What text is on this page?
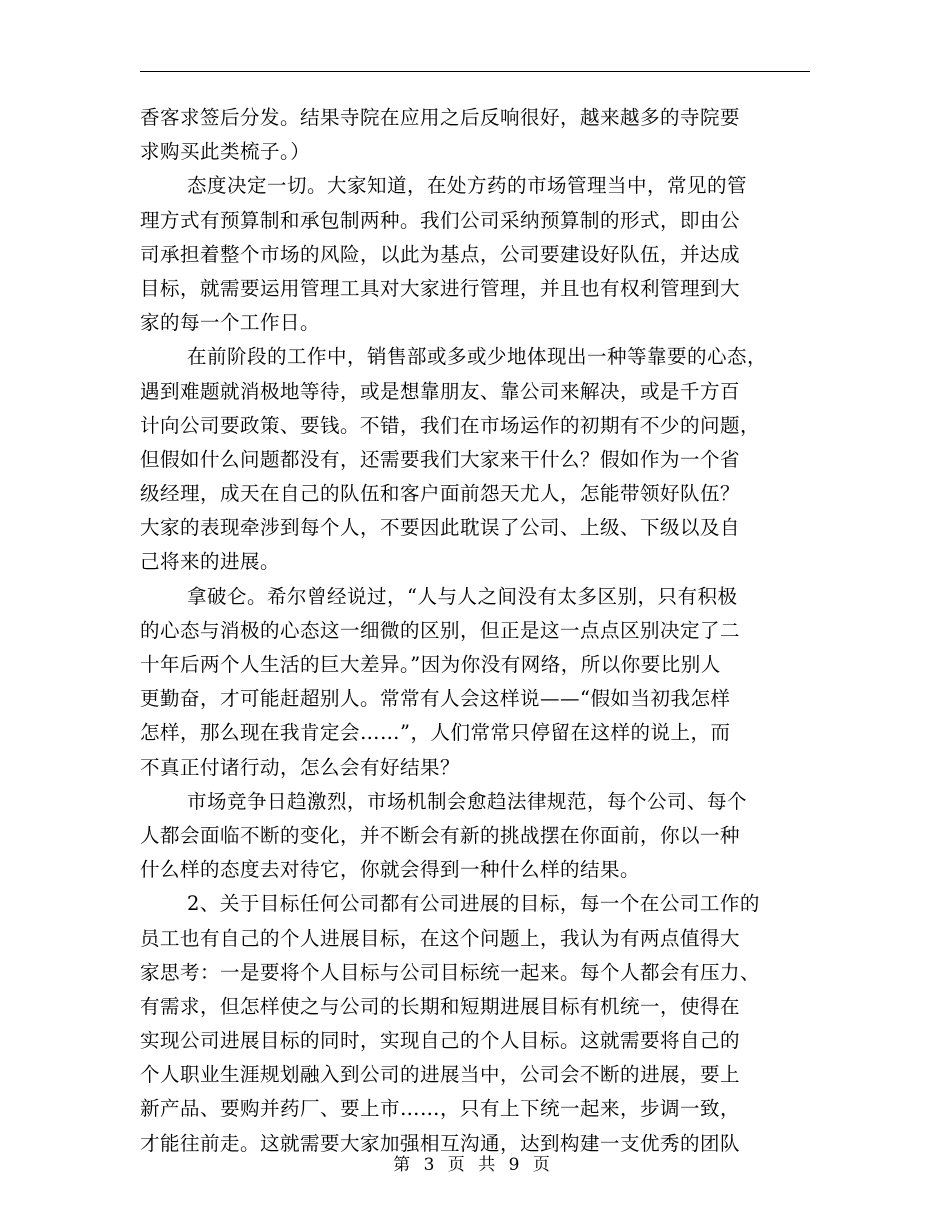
香客求签后分发。结果寺院在应用之后反响很好，越来越多的寺院要
求购买此类梳子。）
态度决定一切。大家知道，在处方药的市场管理当中，常见的管
理方式有预算制和承包制两种。我们公司采纳预算制的形式，即由公
司承担着整个市场的风险，以此为基点，公司要建设好队伍，并达成
目标，就需要运用管理工具对大家进行管理，并且也有权利管理到大
家的每一个工作日。
在前阶段的工作中，销售部或多或少地体现出一种等靠要的心态，
遇到难题就消极地等待，或是想靠朋友、靠公司来解决，或是千方百
计向公司要政策、要钱。不错，我们在市场运作的初期有不少的问题，
但假如什么问题都没有，还需要我们大家来干什么？假如作为一个省
级经理，成天在自己的队伍和客户面前怨天尤人，怎能带领好队伍？
大家的表现牵涉到每个人，不要因此耽误了公司、上级、下级以及自
己将来的进展。
拿破仑。希尔曾经说过，“人与人之间没有太多区别，只有积极
的心态与消极的心态这一细微的区别，但正是这一点点区别决定了二
十年后两个人生活的巨大差异。”因为你没有网络，所以你要比别人
更勤奋，才可能赶超别人。常常有人会这样说——“假如当初我怎样
怎样，那么现在我肯定会……”，人们常常只停留在这样的说上，而
不真正付诸行动，怎么会有好结果？
市场竞争日趋激烈，市场机制会愈趋法律规范，每个公司、每个
人都会面临不断的变化，并不断会有新的挑战摆在你面前，你以一种
什么样的态度去对待它，你就会得到一种什么样的结果。
2、关于目标任何公司都有公司进展的目标，每一个在公司工作的
员工也有自己的个人进展目标，在这个问题上，我认为有两点值得大
家思考：一是要将个人目标与公司目标统一起来。每个人都会有压力、
有需求，但怎样使之与公司的长期和短期进展目标有机统一，使得在
实现公司进展目标的同时，实现自己的个人目标。这就需要将自己的
个人职业生涯规划融入到公司的进展当中，公司会不断的进展，要上
新产品、要购并药厂、要上市……，只有上下统一起来，步调一致，
才能往前走。这就需要大家加强相互沟通，达到构建一支优秀的团队
第 3 页 共 9 页
